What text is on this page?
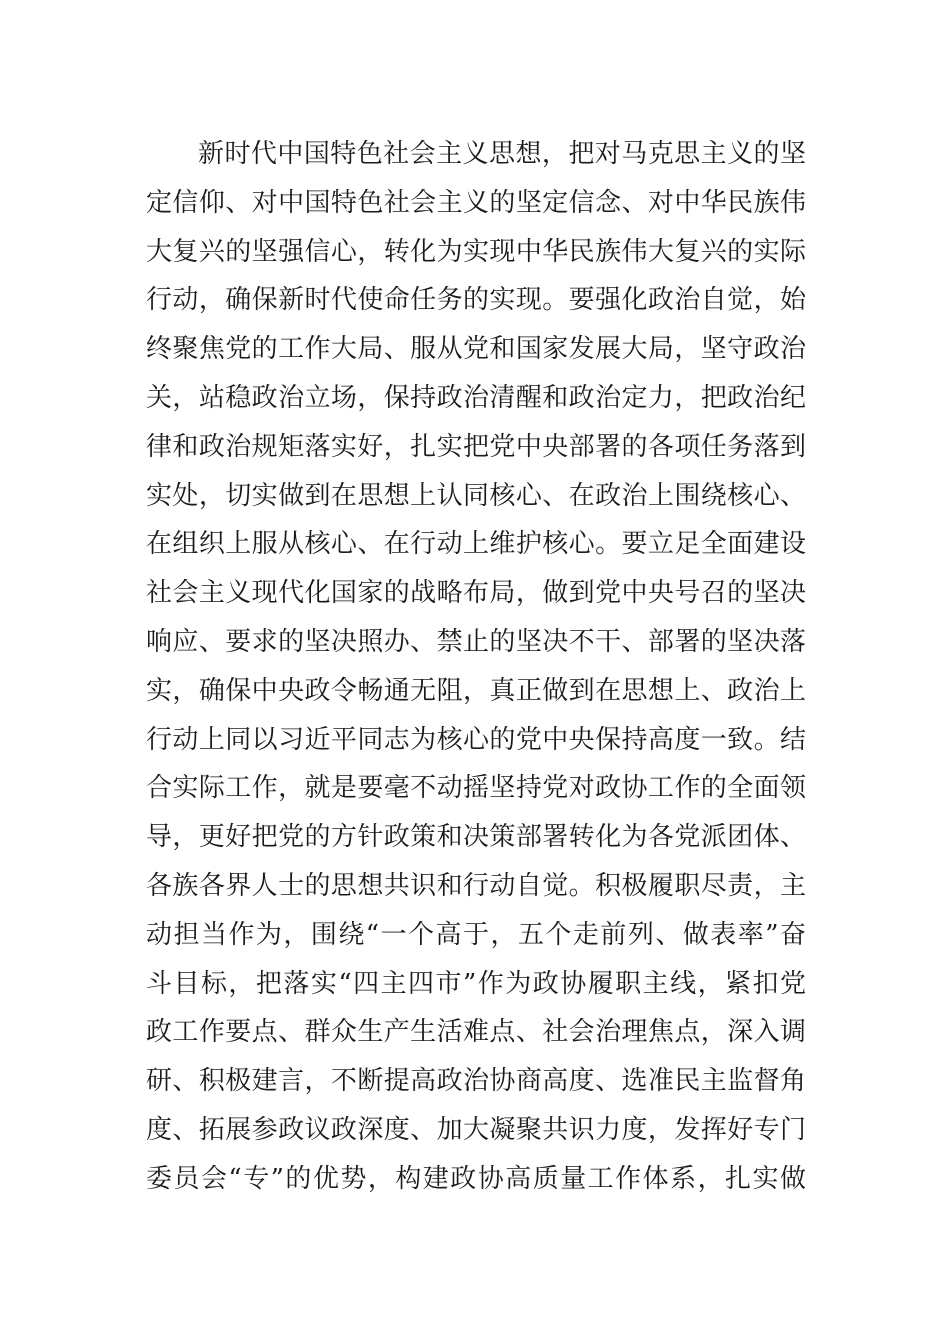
新时代中国特色社会主义思想，把对马克思主义的坚
定信仰、对中国特色社会主义的坚定信念、对中华民族伟
大复兴的坚强信心，转化为实现中华民族伟大复兴的实际
行动，确保新时代使命任务的实现。要强化政治自觉，始
终聚焦党的工作大局、服从党和国家发展大局，坚守政治
关，站稳政治立场，保持政治清醒和政治定力，把政治纪
律和政治规矩落实好，扎实把党中央部署的各项任务落到
实处，切实做到在思想上认同核心、在政治上围绕核心、
在组织上服从核心、在行动上维护核心。要立足全面建设
社会主义现代化国家的战略布局，做到党中央号召的坚决
响应、要求的坚决照办、禁止的坚决不干、部署的坚决落
实，确保中央政令畅通无阻，真正做到在思想上、政治上
行动上同以习近平同志为核心的党中央保持高度一致。结
合实际工作，就是要毫不动摇坚持党对政协工作的全面领
导，更好把党的方针政策和决策部署转化为各党派团体、
各族各界人士的思想共识和行动自觉。积极履职尽责，主
动担当作为，围绕“一个高于，五个走前列、做表率”奋
斗目标，把落实“四主四市”作为政协履职主线，紧扣党
政工作要点、群众生产生活难点、社会治理焦点，深入调
研、积极建言，不断提高政治协商高度、选准民主监督角
度、拓展参政议政深度、加大凝聚共识力度，发挥好专门
委员会“专”的优势，构建政协高质量工作体系，扎实做
